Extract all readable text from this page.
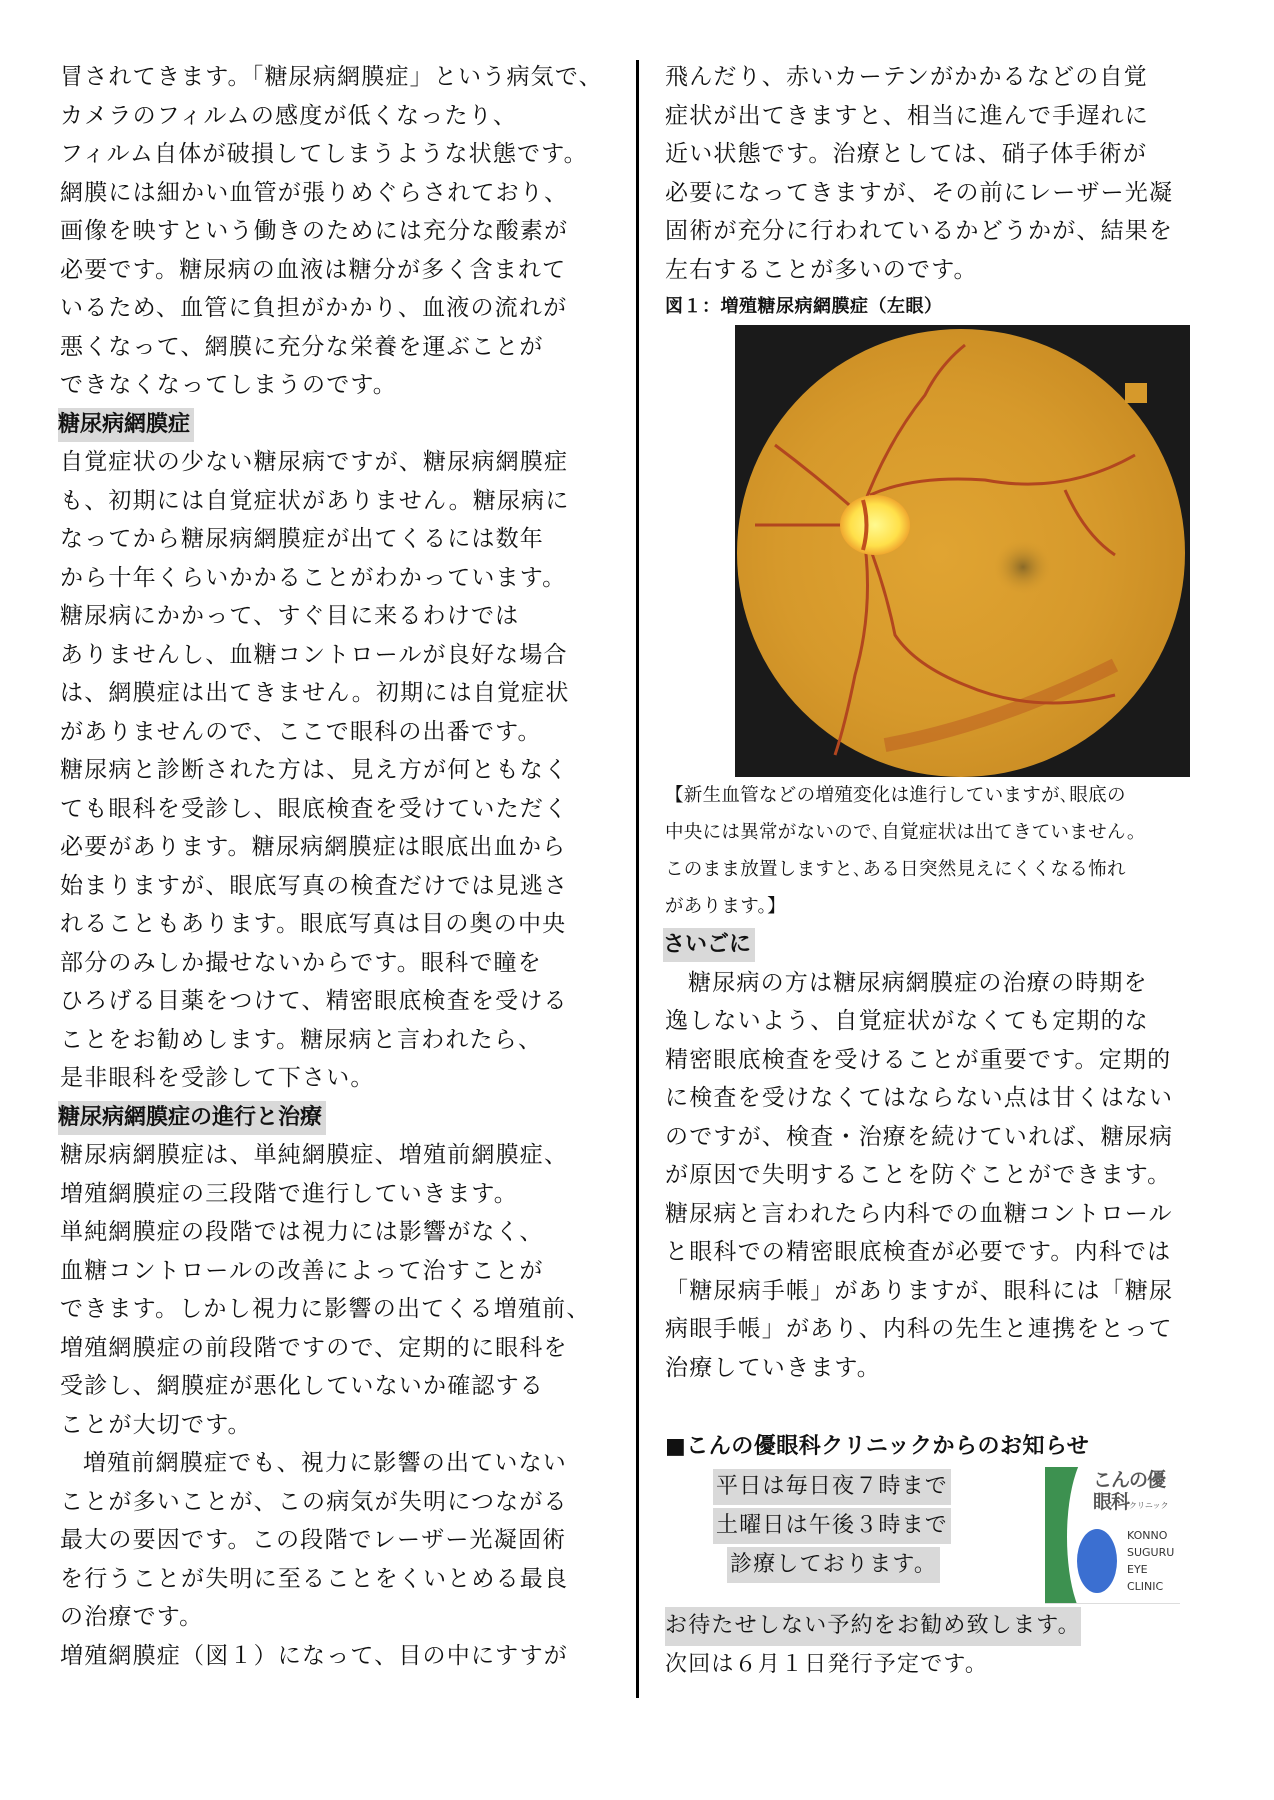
冒されてきます。「糖尿病網膜症」という病気で、
カメラのフィルムの感度が低くなったり、
フィルム自体が破損してしまうような状態です。
網膜には細かい血管が張りめぐらされており、
画像を映すという働きのためには充分な酸素が
必要です。糖尿病の血液は糖分が多く含まれて
いるため、血管に負担がかかり、血液の流れが
悪くなって、網膜に充分な栄養を運ぶことが
できなくなってしまうのです。
糖尿病網膜症
自覚症状の少ない糖尿病ですが、糖尿病網膜症
も、初期には自覚症状がありません。糖尿病に
なってから糖尿病網膜症が出てくるには数年
から十年くらいかかることがわかっています。
糖尿病にかかって、すぐ目に来るわけでは
ありませんし、血糖コントロールが良好な場合
は、網膜症は出てきません。初期には自覚症状
がありませんので、ここで眼科の出番です。
糖尿病と診断された方は、見え方が何ともなく
ても眼科を受診し、眼底検査を受けていただく
必要があります。糖尿病網膜症は眼底出血から
始まりますが、眼底写真の検査だけでは見逃さ
れることもあります。眼底写真は目の奥の中央
部分のみしか撮せないからです。眼科で瞳を
ひろげる目薬をつけて、精密眼底検査を受ける
ことをお勧めします。糖尿病と言われたら、
是非眼科を受診して下さい。
糖尿病網膜症の進行と治療
糖尿病網膜症は、単純網膜症、増殖前網膜症、
増殖網膜症の三段階で進行していきます。
単純網膜症の段階では視力には影響がなく、
血糖コントロールの改善によって治すことが
できます。しかし視力に影響の出てくる増殖前、
増殖網膜症の前段階ですので、定期的に眼科を
受診し、網膜症が悪化していないか確認する
ことが大切です。
増殖前網膜症でも、視力に影響の出ていない
ことが多いことが、この病気が失明につながる
最大の要因です。この段階でレーザー光凝固術
を行うことが失明に至ることをくいとめる最良
の治療です。
増殖網膜症（図１）になって、目の中にすすが
飛んだり、赤いカーテンがかかるなどの自覚
症状が出てきますと、相当に進んで手遅れに
近い状態です。治療としては、硝子体手術が
必要になってきますが、その前にレーザー光凝
固術が充分に行われているかどうかが、結果を
左右することが多いのです。
図１：増殖糖尿病網膜症（左眼）
【新生血管などの増殖変化は進行していますが､眼底の
中央には異常がないので､自覚症状は出てきていません。
このまま放置しますと､ある日突然見えにくくなる怖れ
があります。】
さいごに
糖尿病の方は糖尿病網膜症の治療の時期を
逸しないよう、自覚症状がなくても定期的な
精密眼底検査を受けることが重要です。定期的
に検査を受けなくてはならない点は甘くはない
のですが、検査・治療を続けていれば、糖尿病
が原因で失明することを防ぐことができます。
糖尿病と言われたら内科での血糖コントロール
と眼科での精密眼底検査が必要です。内科では
「糖尿病手帳」がありますが、眼科には「糖尿
病眼手帳」があり、内科の先生と連携をとって
治療していきます。
■こんの優眼科クリニックからのお知らせ
平日は毎日夜７時まで
土曜日は午後３時まで
診療しております。
こんの優
眼科クリニック
KONNO
SUGURU
EYE
CLINIC
お待たせしない予約をお勧め致します。
次回は６月１日発行予定です。
